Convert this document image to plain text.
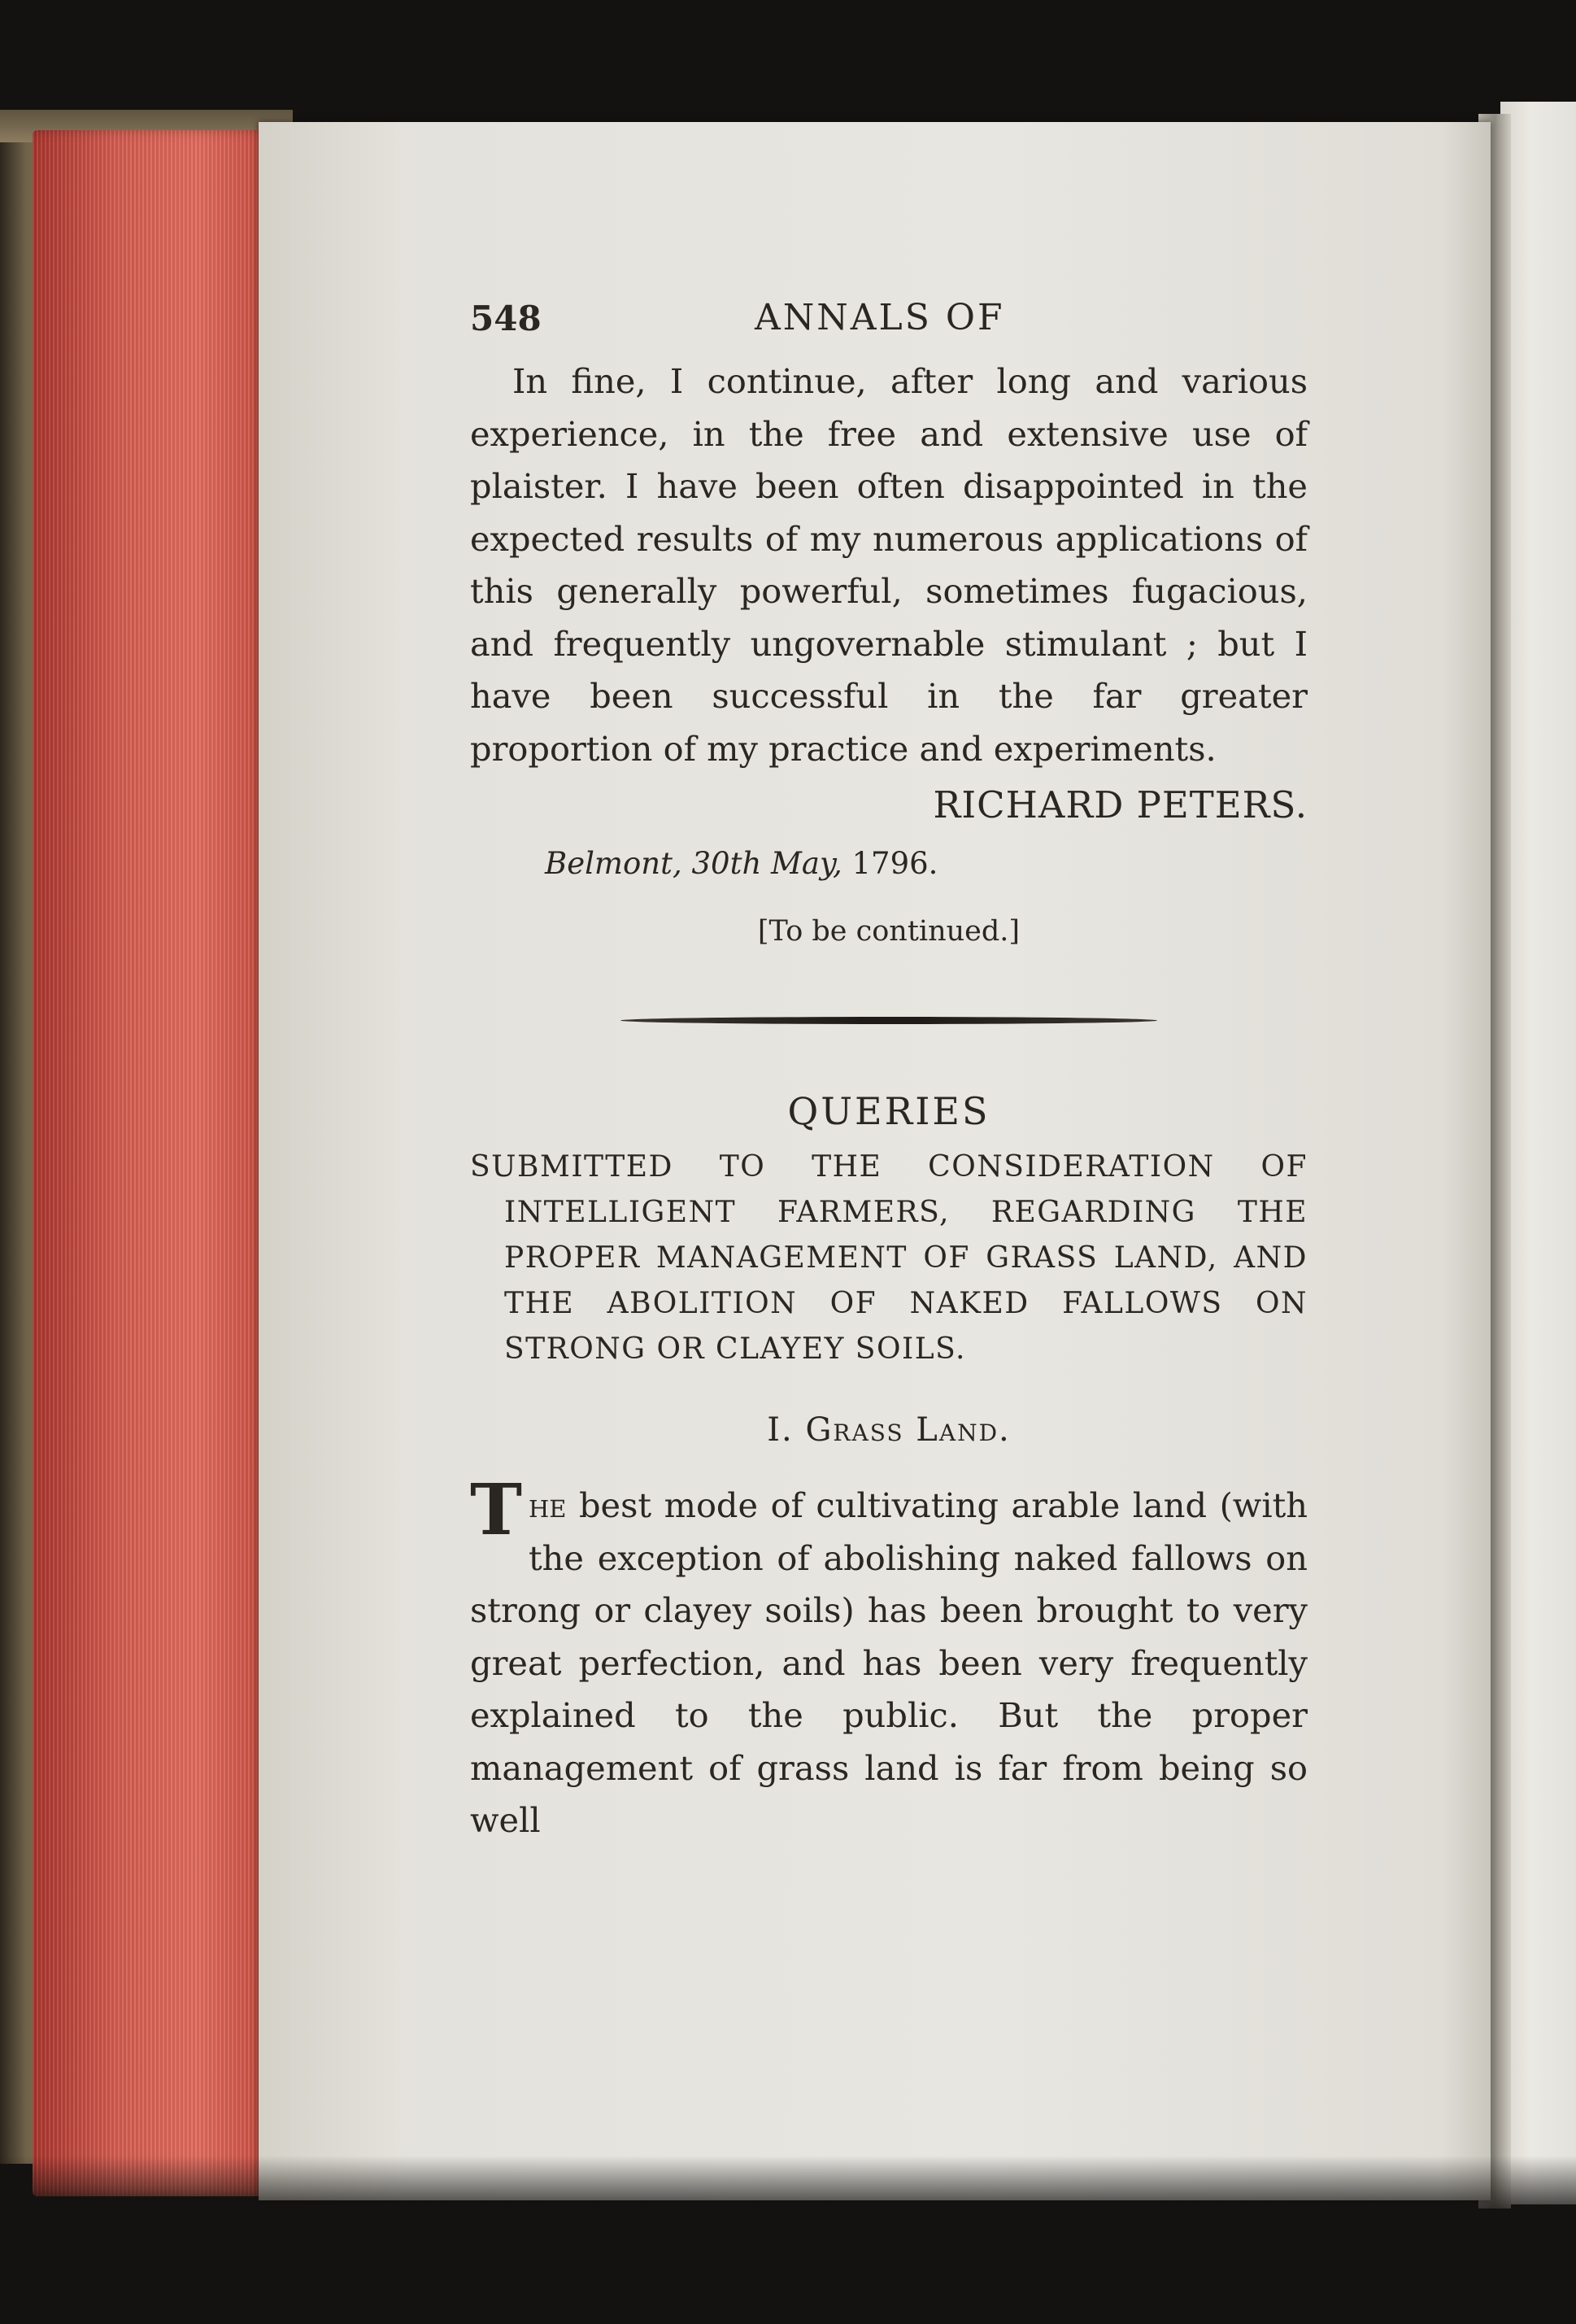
548	ANNALS OF

In fine, I continue, after long and various experience, in the free and extensive use of plaister. I have been often disappointed in the expected results of my numerous applications of this generally powerful, sometimes fugacious, and frequently ungovernable stimulant ; but I have been successful in the far greater proportion of my practice and experiments.

RICHARD PETERS.

Belmont, 30th May, 1796.

[To be continued.]

QUERIES

SUBMITTED TO THE CONSIDERATION OF INTELLIGENT FARMERS, REGARDING THE PROPER MANAGEMENT OF GRASS LAND, AND THE ABOLITION OF NAKED FALLOWS ON STRONG OR CLAYEY SOILS.

I. Grass Land.

The best mode of cultivating arable land (with the exception of abolishing naked fallows on strong or clayey soils) has been brought to very great perfection, and has been very frequently explained to the public. But the proper management of grass land is far from being so well
